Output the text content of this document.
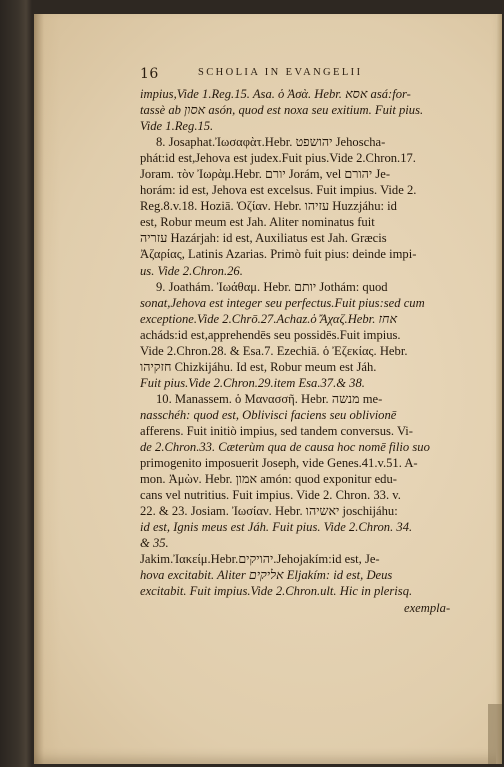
16	SCHOLIA IN EVANGELII
impius,Vide 1.Reg.15. Asa. ὁ Ἀσὰ. Hebr. אסא asá:for-
tassè ab אסון asón, quod est noxa seu exitium. Fuit pius.
Vide 1.Reg.15.
8. Josaphat.Ἰωσαφὰτ.Hebr. יהושפט Jehoscha-
phát:id est,Jehova est judex.Fuit pius.Vide 2.Chron.17.
Joram. τὸν Ἰωρὰμ.Hebr. יורם Jorám, vel יהורם Je-
horám: id est, Jehova est excelsus. Fuit impius. Vide 2.
Reg.8.v.18. Hoziā. Ὀζίαν. Hebr. עזיהו Huzzjáhu: id
est, Robur meum est Jah. Aliter nominatus fuit
עזריה Hazárjah: id est, Auxiliatus est Jah. Græcis
Ἀζαρίας, Latinis Azarias. Primò fuit pius: deinde impi-
us. Vide 2.Chron.26.
9. Joathám. Ἰωάθαμ. Hebr. יותם Jothám: quod
sonat,Jehova est integer seu perfectus.Fuit pius:sed cum
exceptione.Vide 2.Chrō.27.Achaz.ὁ Ἄχαζ.Hebr. אחז
acháds:id est,apprehendēs seu possidēs.Fuit impius.
Vide 2.Chron.28. & Esa.7. Ezechiā. ὁ Ἐζεκίας. Hebr.
חזקיהו Chizkijáhu. Id est, Robur meum est Jáh.
Fuit pius.Vide 2.Chron.29.item Esa.37.& 38.
10. Manassem. ὁ Μανασσῆ. Hebr. מנשה me-
nasschéh: quod est, Oblivisci faciens seu oblivionē
afferens. Fuit initiò impius, sed tandem conversus. Vi-
de 2.Chron.33. Cæterùm qua de causa hoc nomē filio suo
primogenito imposuerit Joseph, vide Genes.41.v.51. A-
mon. Ἀμὼν. Hebr. אמון amón: quod exponitur edu-
cans vel nutritius. Fuit impius. Vide 2. Chron. 33. v.
22. & 23. Josiam. Ἰωσίαν. Hebr. יאשיהו joschijáhu:
id est, Ignis meus est Jáh. Fuit pius. Vide 2.Chron. 34.
& 35.
Jakim.Ἰακείμ.Hebr.יהויקים.Jehojakím:id est, Je-
hova excitabit. Aliter אליקים Eljakím: id est, Deus
excitabit. Fuit impius.Vide 2.Chron.ult. Hic in plerisq.
exempla-
